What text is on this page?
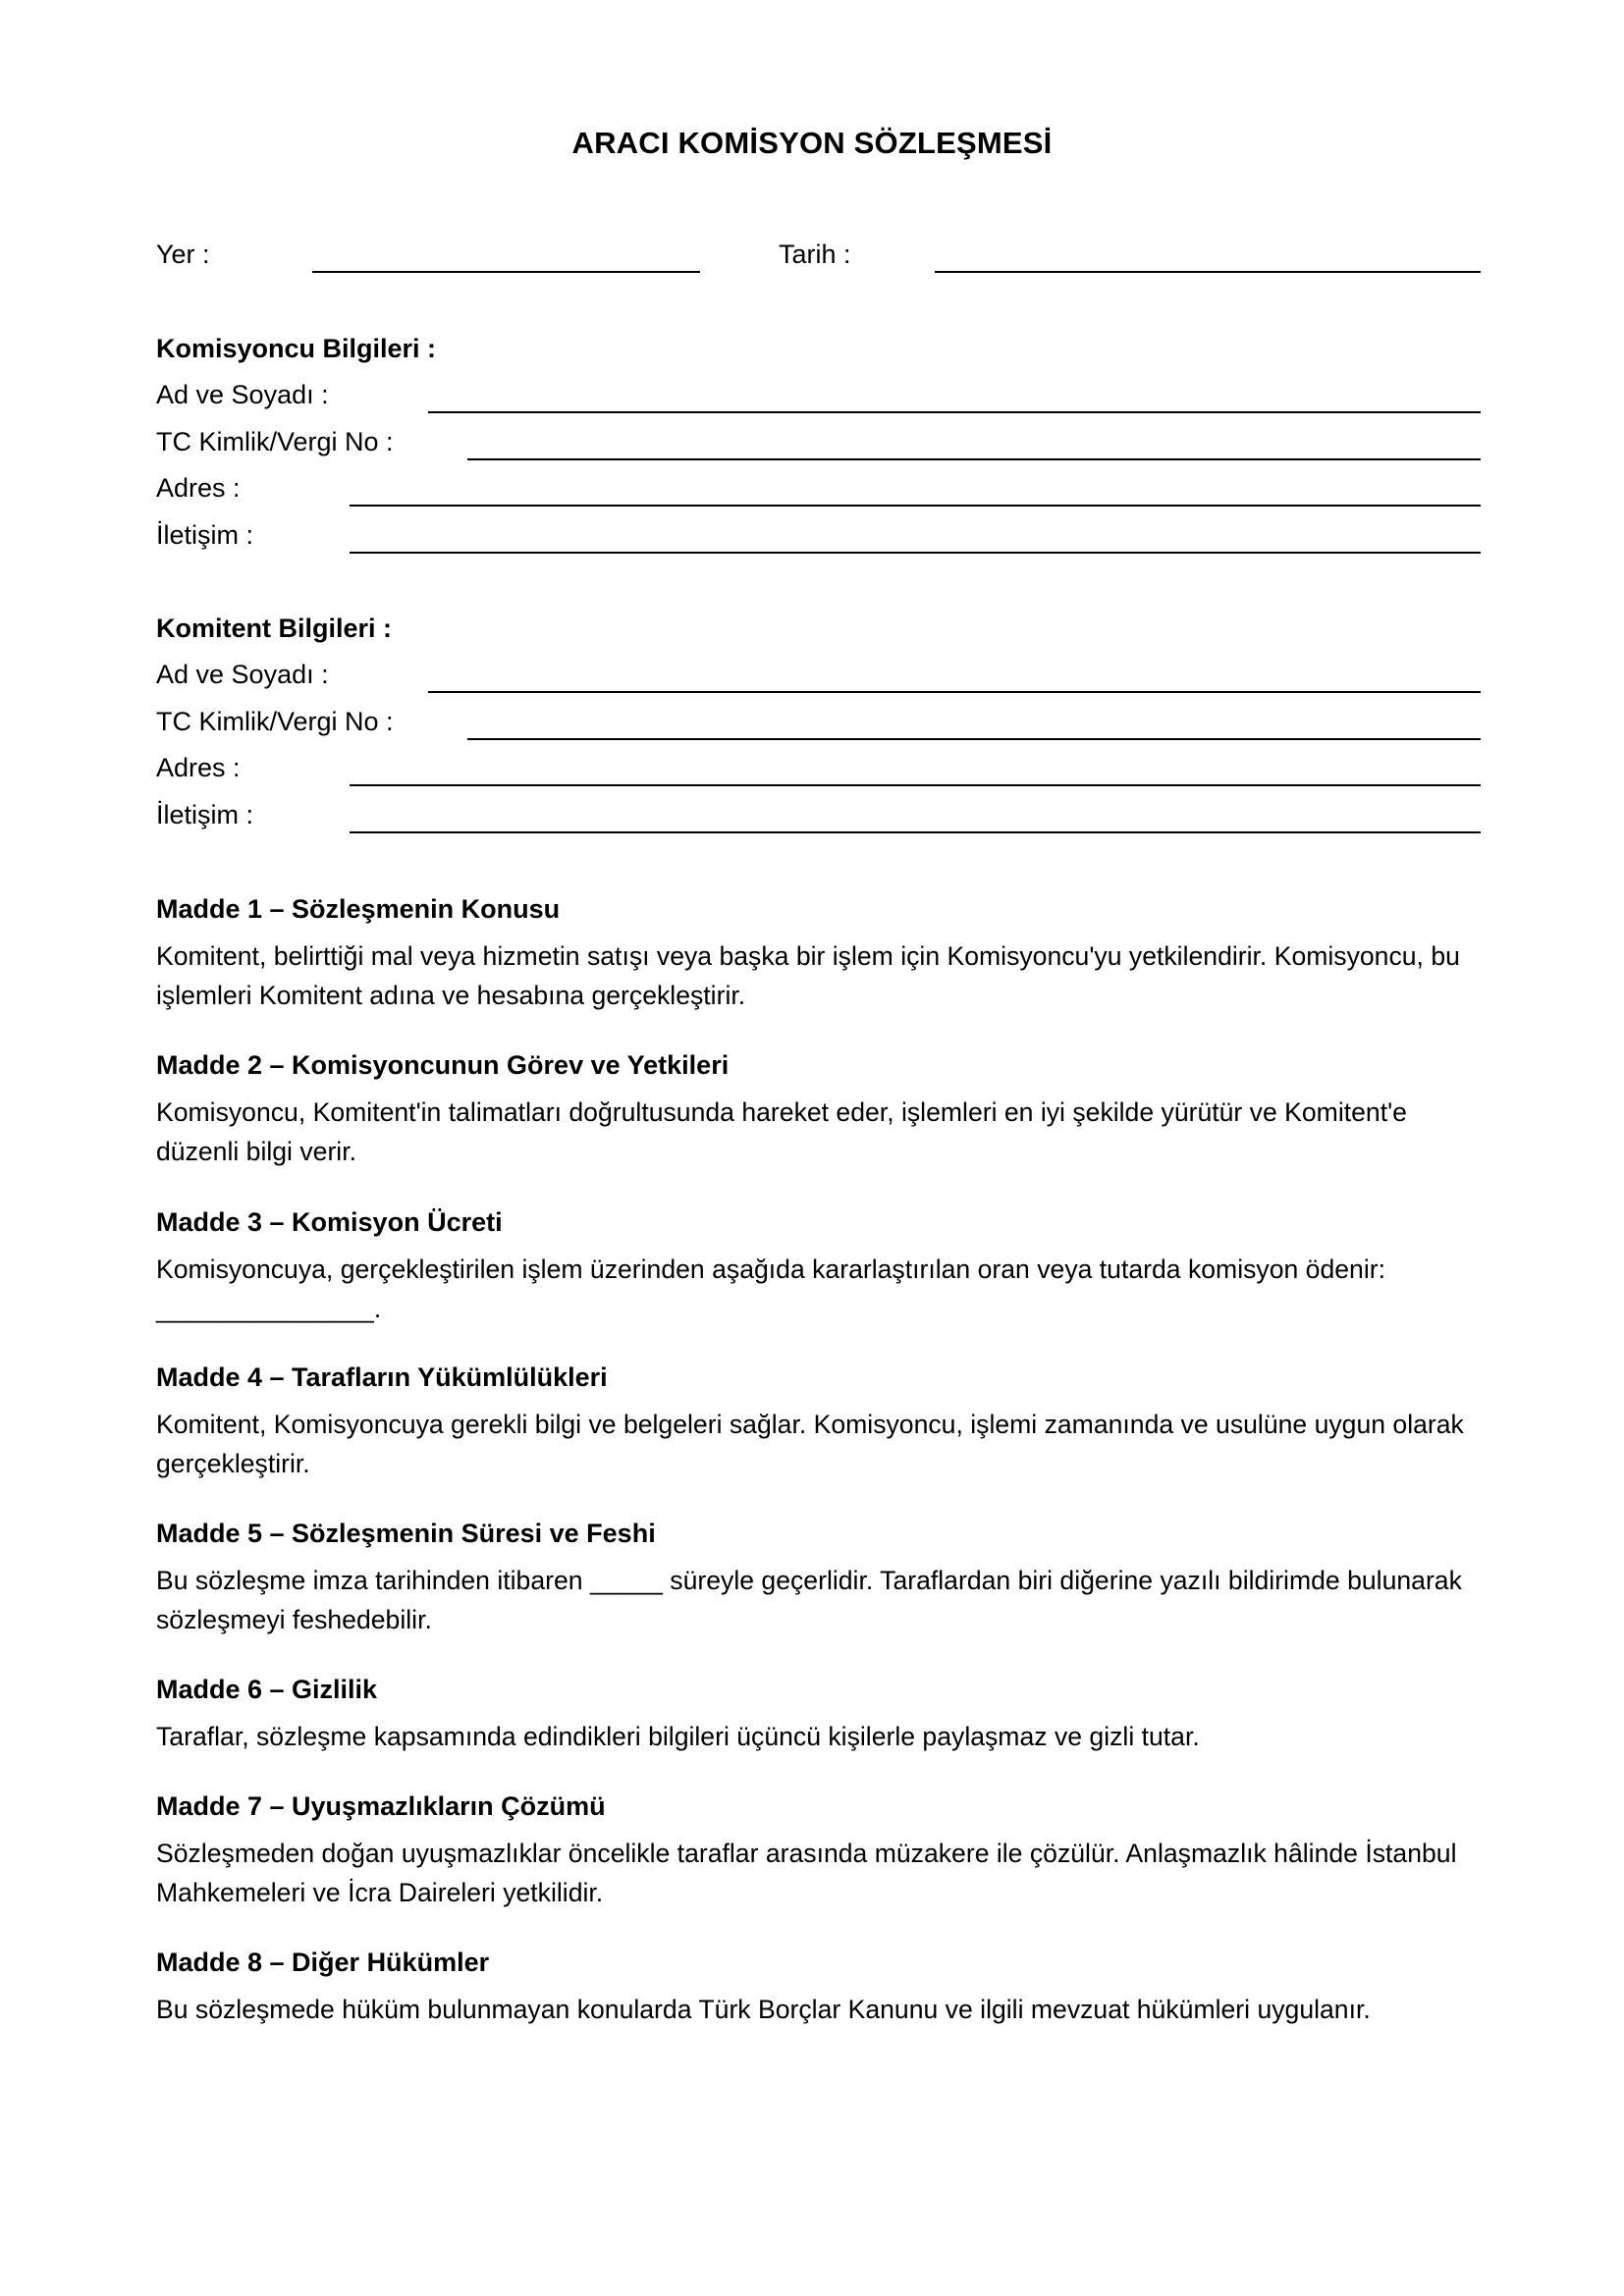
ARACI KOMİSYON SÖZLEŞMESİ
Yer :	Tarih :
Komisyoncu Bilgileri :
Ad ve Soyadı :
TC Kimlik/Vergi No :
Adres :
İletişim :
Komitent Bilgileri :
Ad ve Soyadı :
TC Kimlik/Vergi No :
Adres :
İletişim :
Madde 1 – Sözleşmenin Konusu

Komitent, belirttiği mal veya hizmetin satışı veya başka bir işlem için Komisyoncu'yu yetkilendirir. Komisyoncu, bu işlemleri Komitent adına ve hesabına gerçekleştirir.

Madde 2 – Komisyoncunun Görev ve Yetkileri

Komisyoncu, Komitent'in talimatları doğrultusunda hareket eder, işlemleri en iyi şekilde yürütür ve Komitent'e düzenli bilgi verir.

Madde 3 – Komisyon Ücreti

Komisyoncuya, gerçekleştirilen işlem üzerinden aşağıda kararlaştırılan oran veya tutarda komisyon ödenir: _______________.

Madde 4 – Tarafların Yükümlülükleri

Komitent, Komisyoncuya gerekli bilgi ve belgeleri sağlar. Komisyoncu, işlemi zamanında ve usulüne uygun olarak gerçekleştirir.

Madde 5 – Sözleşmenin Süresi ve Feshi

Bu sözleşme imza tarihinden itibaren _____ süreyle geçerlidir. Taraflardan biri diğerine yazılı bildirimde bulunarak sözleşmeyi feshedebilir.

Madde 6 – Gizlilik

Taraflar, sözleşme kapsamında edindikleri bilgileri üçüncü kişilerle paylaşmaz ve gizli tutar.

Madde 7 – Uyuşmazlıkların Çözümü

Sözleşmeden doğan uyuşmazlıklar öncelikle taraflar arasında müzakere ile çözülür. Anlaşmazlık hâlinde İstanbul Mahkemeleri ve İcra Daireleri yetkilidir.

Madde 8 – Diğer Hükümler

Bu sözleşmede hüküm bulunmayan konularda Türk Borçlar Kanunu ve ilgili mevzuat hükümleri uygulanır.
